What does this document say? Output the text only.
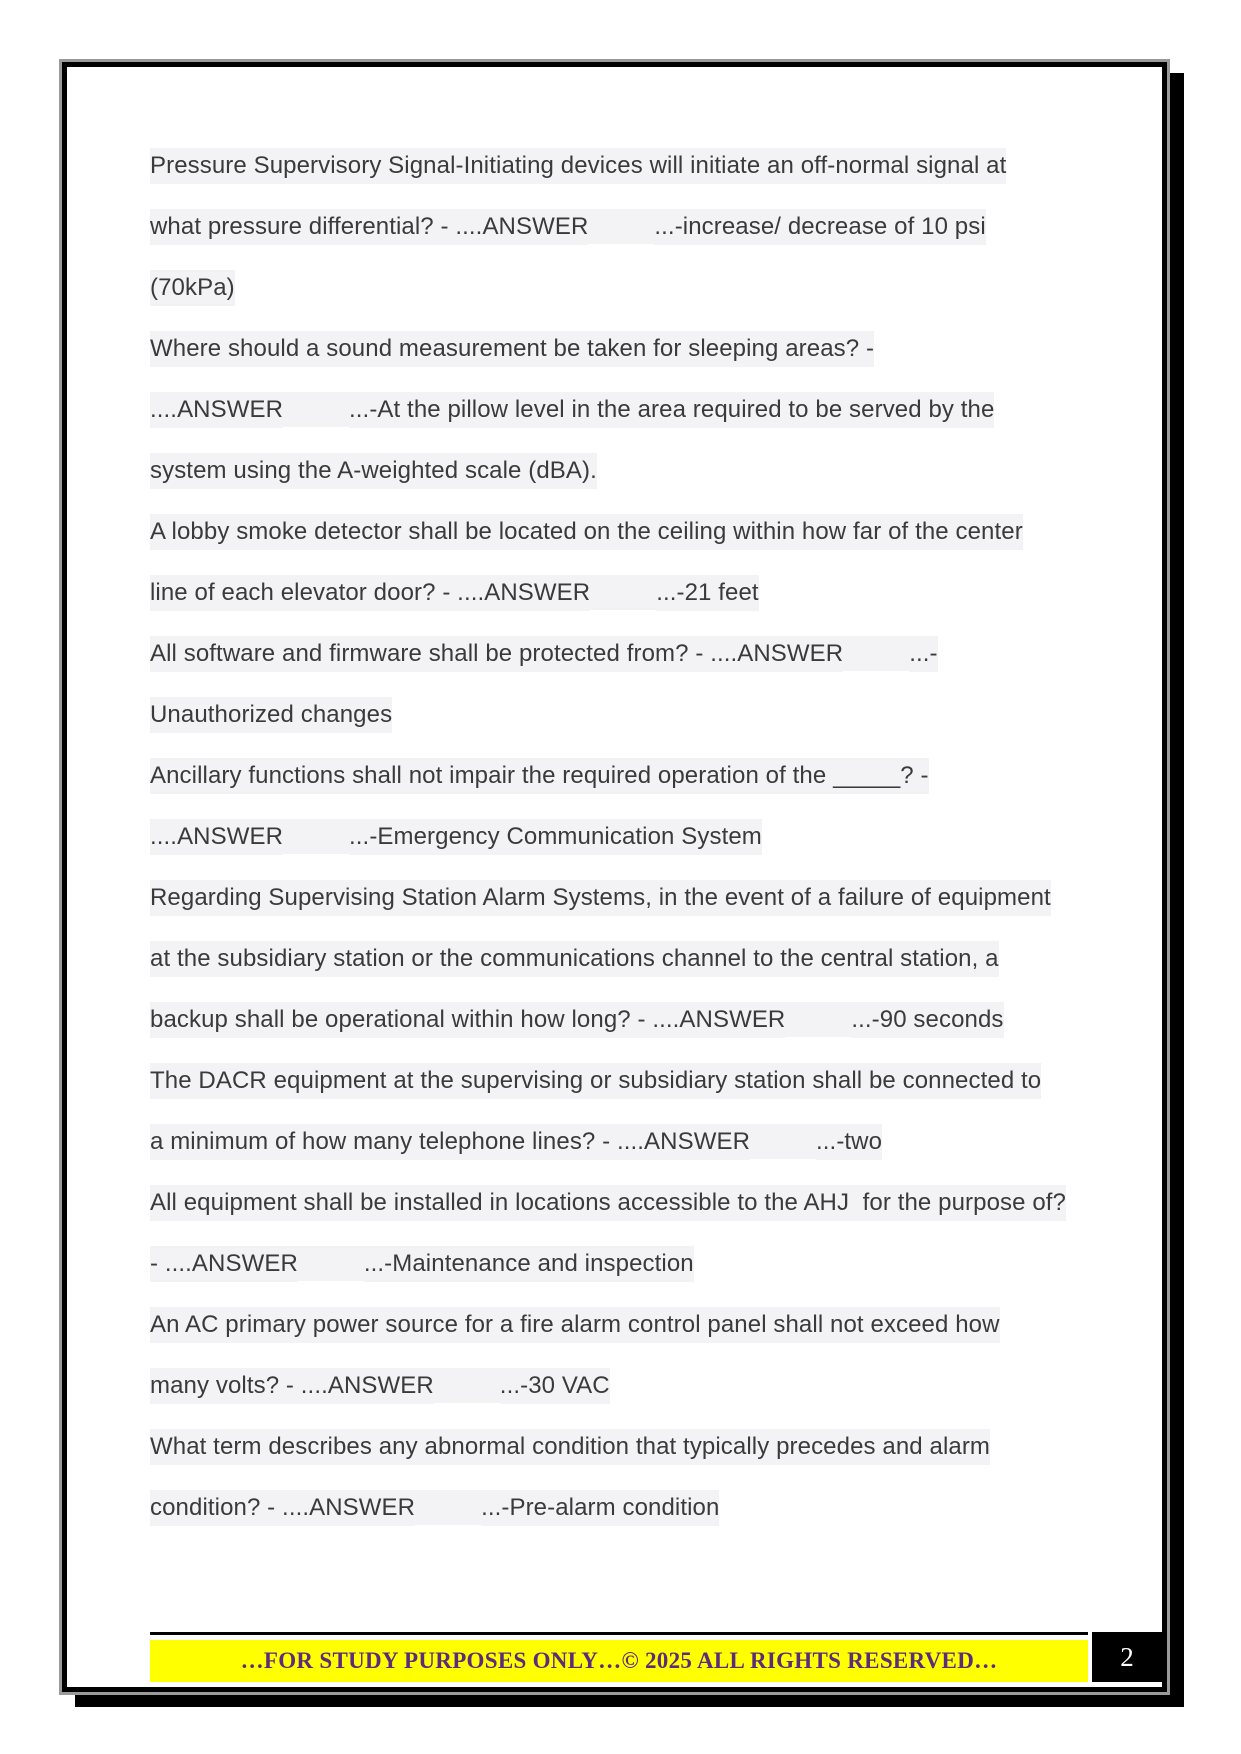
Pressure Supervisory Signal-Initiating devices will initiate an off-normal signal at
what pressure differential? - ....ANSWER	...-increase/ decrease of 10 psi
(70kPa)
Where should a sound measurement be taken for sleeping areas? -
....ANSWER	...-At the pillow level in the area required to be served by the
system using the A-weighted scale (dBA).
A lobby smoke detector shall be located on the ceiling within how far of the center
line of each elevator door? - ....ANSWER	...-21 feet
All software and firmware shall be protected from? - ....ANSWER	...-
Unauthorized changes
Ancillary functions shall not impair the required operation of the _____? -
....ANSWER	...-Emergency Communication System
Regarding Supervising Station Alarm Systems, in the event of a failure of equipment
at the subsidiary station or the communications channel to the central station, a
backup shall be operational within how long? - ....ANSWER	...-90 seconds
The DACR equipment at the supervising or subsidiary station shall be connected to
a minimum of how many telephone lines? - ....ANSWER	...-two
All equipment shall be installed in locations accessible to the AHJ  for the purpose of?
- ....ANSWER	...-Maintenance and inspection
An AC primary power source for a fire alarm control panel shall not exceed how
many volts? - ....ANSWER	...-30 VAC
What term describes any abnormal condition that typically precedes and alarm
condition? - ....ANSWER	...-Pre-alarm condition
…FOR STUDY PURPOSES ONLY…© 2025 ALL RIGHTS RESERVED…	2
